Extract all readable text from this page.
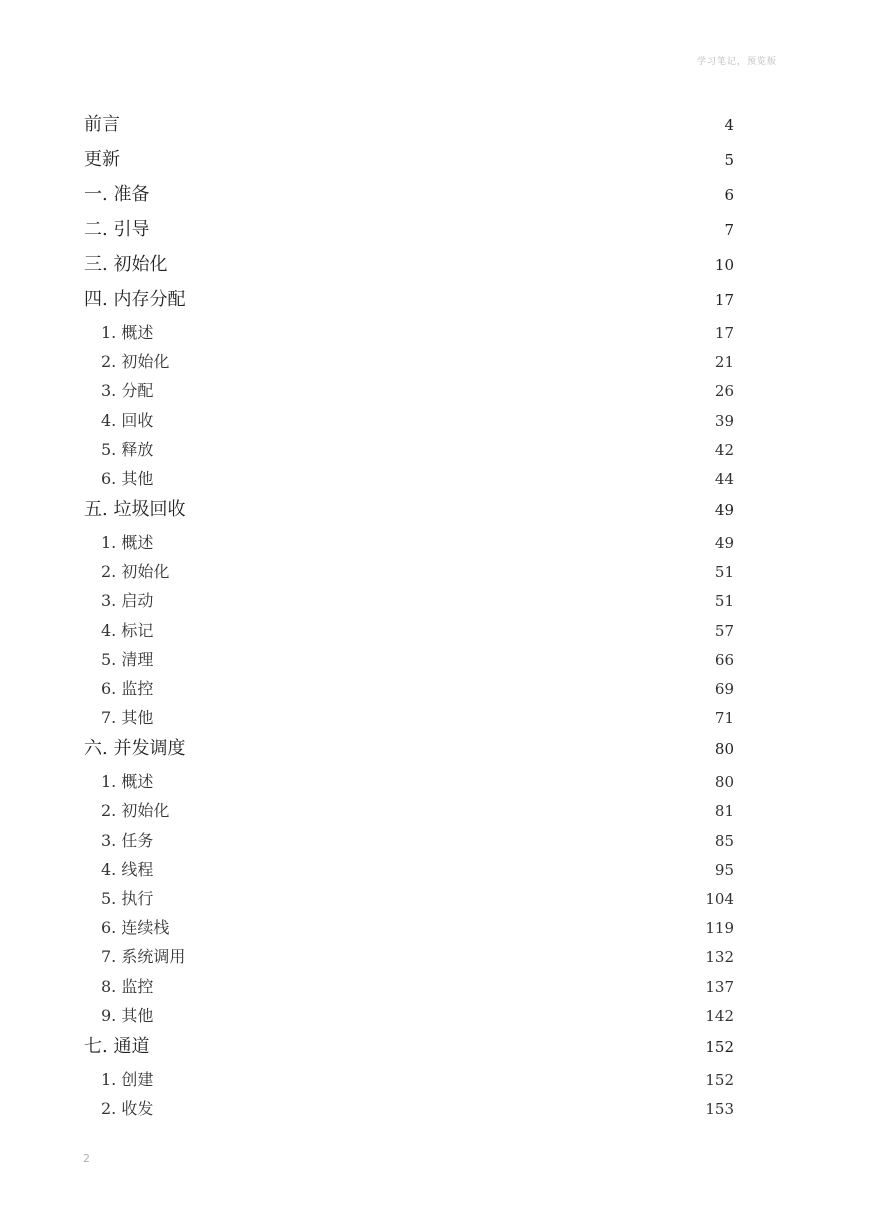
学习笔记，预览版
前言	4
更新	5
一. 准备	6
二. 引导	7
三. 初始化	10
四. 内存分配	17
1. 概述	17
2. 初始化	21
3. 分配	26
4. 回收	39
5. 释放	42
6. 其他	44
五. 垃圾回收	49
1. 概述	49
2. 初始化	51
3. 启动	51
4. 标记	57
5. 清理	66
6. 监控	69
7. 其他	71
六. 并发调度	80
1. 概述	80
2. 初始化	81
3. 任务	85
4. 线程	95
5. 执行	104
6. 连续栈	119
7. 系统调用	132
8. 监控	137
9. 其他	142
七. 通道	152
1. 创建	152
2. 收发	153
2
